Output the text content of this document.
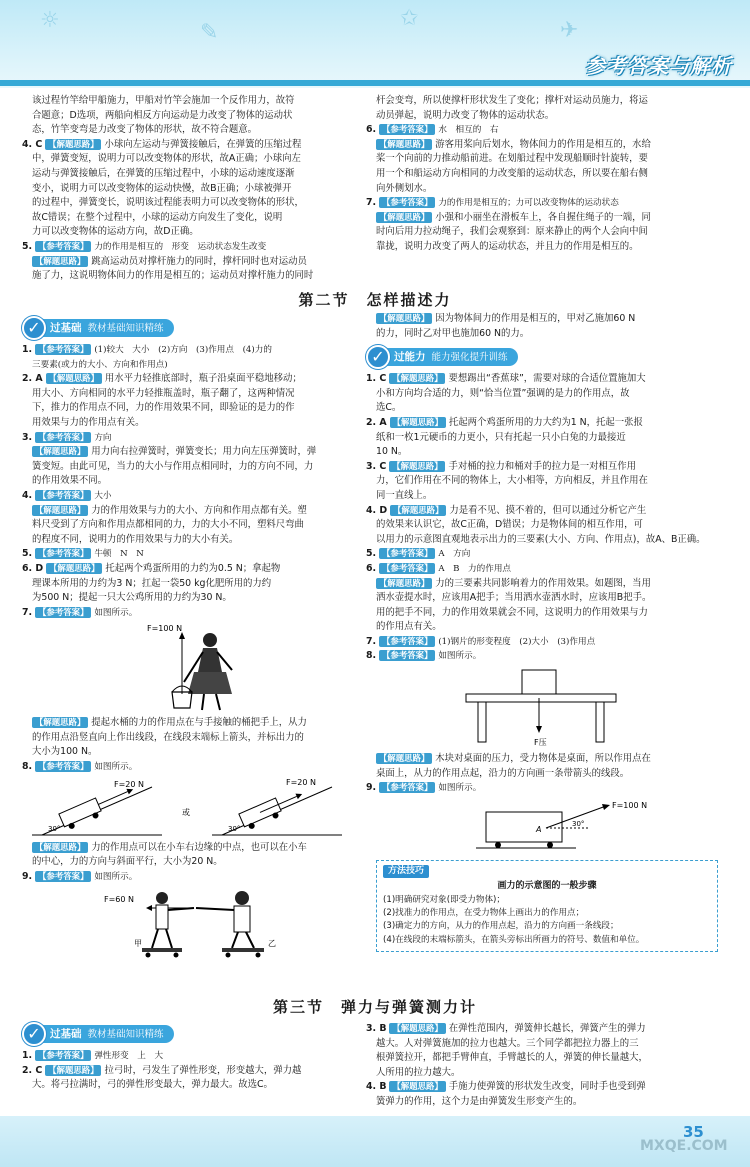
☼	✎
✩	✈
参考答案与解析

该过程竹竿给甲船施力，甲船对竹竿会施加一个反作用力，故符

合题意；D选项，两船向相反方向运动是力改变了物体的运动状

态，竹竿变弯是力改变了物体的形状，故不符合题意。

4. C 【解题思路】 小球向左运动与弹簧接触后，在弹簧的压缩过程

中，弹簧变短，说明力可以改变物体的形状，故A正确；小球向左

运动与弹簧接触后，在弹簧的压缩过程中，小球的运动速度逐渐

变小，说明力可以改变物体的运动快慢，故B正确；小球被弹开

的过程中，弹簧变长，说明该过程能表明力可以改变物体的形状，

故C错误；在整个过程中，小球的运动方向发生了变化，说明

力可以改变物体的运动方向，故D正确。

5. 【参考答案】 力的作用是相互的　形变　运动状态发生改变

【解题思路】 跳高运动员对撑杆施力的同时，撑杆同时也对运动员

施了力，这说明物体间力的作用是相互的；运动员对撑杆施力的同时

杆会变弯，所以使撑杆形状发生了变化；撑杆对运动员施力，将运

动员弹起，说明力改变了物体的运动状态。

6. 【参考答案】 水　相互的　右

【解题思路】 游客用桨向后划水，物体间力的作用是相互的，水给

桨一个向前的力推动船前进。在划船过程中发现船顺时针旋转，要

用一个和船运动方向相同的力改变船的运动状态，所以要在船右侧

向外侧划水。

7. 【参考答案】 力的作用是相互的；力可以改变物体的运动状态

【解题思路】 小强和小丽坐在滑板车上，各自握住绳子的一端，同

时向后用力拉动绳子，我们会观察到：原来静止的两个人会向中间

靠拢，说明力改变了两人的运动状态，并且力的作用是相互的。

第二节　怎样描述力
✓ 过基础 教材基础知识精练

1. 【参考答案】 (1)较大　大小　(2)方向　(3)作用点　(4)力的

三要素(或力的大小、方向和作用点)

2. A 【解题思路】 用水平力轻推底部时，瓶子沿桌面平稳地移动；

用大小、方向相同的水平力轻推瓶盖时，瓶子翻了，这两种情况

下，推力的作用点不同，力的作用效果不同，即验证的是力的作

用效果与力的作用点有关。

3. 【参考答案】 方向

【解题思路】 用力向右拉弹簧时，弹簧变长；用力向左压弹簧时，弹

簧变短。由此可见，当力的大小与作用点相同时，力的方向不同，力

的作用效果不同。

4. 【参考答案】 大小

【解题思路】 力的作用效果与力的大小、方向和作用点都有关。塑

料尺受到了方向和作用点都相同的力，力的大小不同，塑料尺弯曲

的程度不同，说明力的作用效果与力的大小有关。

5. 【参考答案】 牛顿　N　N

6. D 【解题思路】 托起两个鸡蛋所用的力约为0.5 N；拿起物

理课本所用的力约为3 N；扛起一袋50 kg化肥所用的力约

为500 N；提起一只大公鸡所用的力约为30 N。

7. 【参考答案】 如图所示。

F=100 N

【解题思路】 提起水桶的力的作用点在与手接触的桶把手上，从力

的作用点沿竖直向上作出线段，在线段末端标上箭头，并标出力的

大小为100 N。

8. 【参考答案】 如图所示。

F=20 N
30°
或
F=20 N
30°

【解题思路】 力的作用点可以在小车右边缘的中点，也可以在小车

的中心，力的方向与斜面平行，大小为20 N。

9. 【参考答案】 如图所示。

F=60 N
甲	乙

【解题思路】 因为物体间力的作用是相互的，甲对乙施加60 N

的力，同时乙对甲也施加60 N的力。

✓ 过能力 能力强化提升训练

1. C 【解题思路】 要想踢出“香蕉球”，需要对球的合适位置施加大

小和方向均合适的力，则“恰当位置”强调的是力的作用点，故

选C。

2. A 【解题思路】 托起两个鸡蛋所用的力大约为1 N，托起一张报

纸和一枚1元硬币的力更小，只有托起一只小白兔的力最接近

10 N。

3. C 【解题思路】 手对桶的拉力和桶对手的拉力是一对相互作用

力，它们作用在不同的物体上，大小相等，方向相反，并且作用在

同一直线上。

4. D 【解题思路】 力是看不见、摸不着的，但可以通过分析它产生

的效果来认识它，故C正确，D错误；力是物体间的相互作用，可

以用力的示意图直观地表示出力的三要素(大小、方向、作用点)，故A、B正确。

5. 【参考答案】 A　方向

6. 【参考答案】 A　B　力的作用点

【解题思路】 力的三要素共同影响着力的作用效果。如题图，当用

洒水壶提水时，应该用A把手；当用洒水壶洒水时，应该用B把手。

用的把手不同，力的作用效果就会不同，这说明力的作用效果与力

的作用点有关。

7. 【参考答案】 (1)钢片的形变程度　(2)大小　(3)作用点

8. 【参考答案】 如图所示。

F压

【解题思路】 木块对桌面的压力，受力物体是桌面，所以作用点在

桌面上，从力的作用点起，沿力的方向画一条带箭头的线段。

9. 【参考答案】 如图所示。

A
F=100 N
30°
方法技巧
画力的示意图的一般步骤

(1)明确研究对象(即受力物体)；

(2)找准力的作用点，在受力物体上画出力的作用点；

(3)确定力的方向，从力的作用点起，沿力的方向画一条线段；

(4)在线段的末端标箭头，在箭头旁标出所画力的符号、数值和单位。

第三节　弹力与弹簧测力计
✓ 过基础 教材基础知识精练

1. 【参考答案】 弹性形变　上　大

2. C 【解题思路】 拉弓时，弓发生了弹性形变，形变越大，弹力越

大。将弓拉满时，弓的弹性形变最大，弹力最大。故选C。

3. B 【解题思路】 在弹性范围内，弹簧伸长越长，弹簧产生的弹力

越大。人对弹簧施加的拉力也越大。三个同学都把拉力器上的三

根弹簧拉开，都把手臂伸直，手臂越长的人，弹簧的伸长量越大，

人所用的拉力越大。

4. B 【解题思路】 手施力使弹簧的形状发生改变，同时手也受到弹

簧弹力的作用，这个力是由弹簧发生形变产生的。

35
MXQE.COM
